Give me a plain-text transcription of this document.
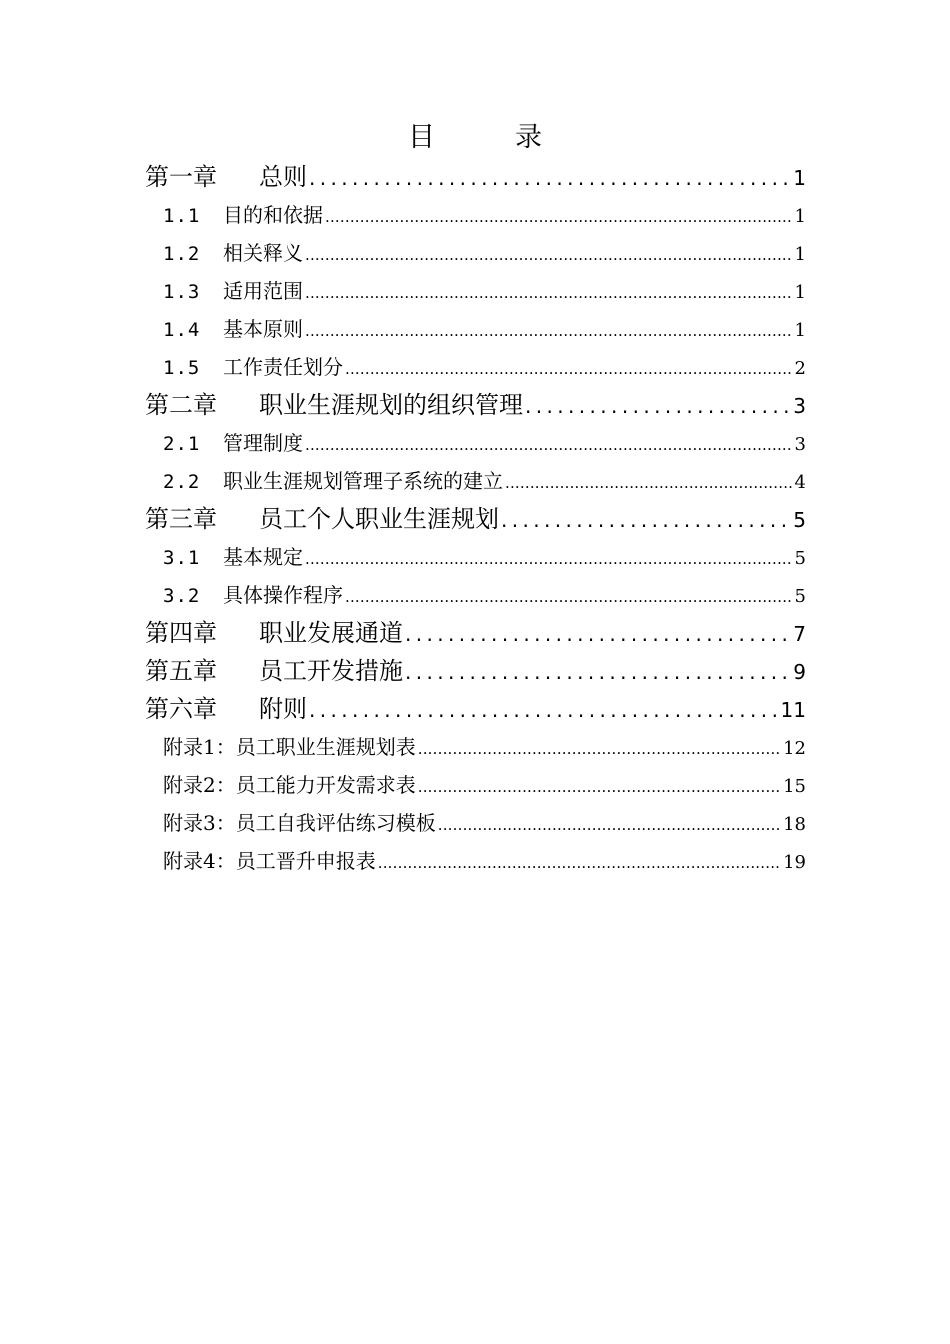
目	录
第一章 总则 .....	1
1.1 目的和依据 .....	1
1.2 相关释义 .....	1
1.3 适用范围 .....	1
1.4 基本原则 .....	1
1.5 工作责任划分 .....	2
第二章 职业生涯规划的组织管理 .....	3
2.1 管理制度 .....	3
2.2 职业生涯规划管理子系统的建立 .....	4
第三章 员工个人职业生涯规划 .....	5
3.1 基本规定 .....	5
3.2 具体操作程序 .....	5
第四章 职业发展通道 .....	7
第五章 员工开发措施 .....	9
第六章 附则 .....	11
附录1：员工职业生涯规划表 .....	12
附录2：员工能力开发需求表 .....	15
附录3：员工自我评估练习模板 .....	18
附录4：员工晋升申报表 .....	19
